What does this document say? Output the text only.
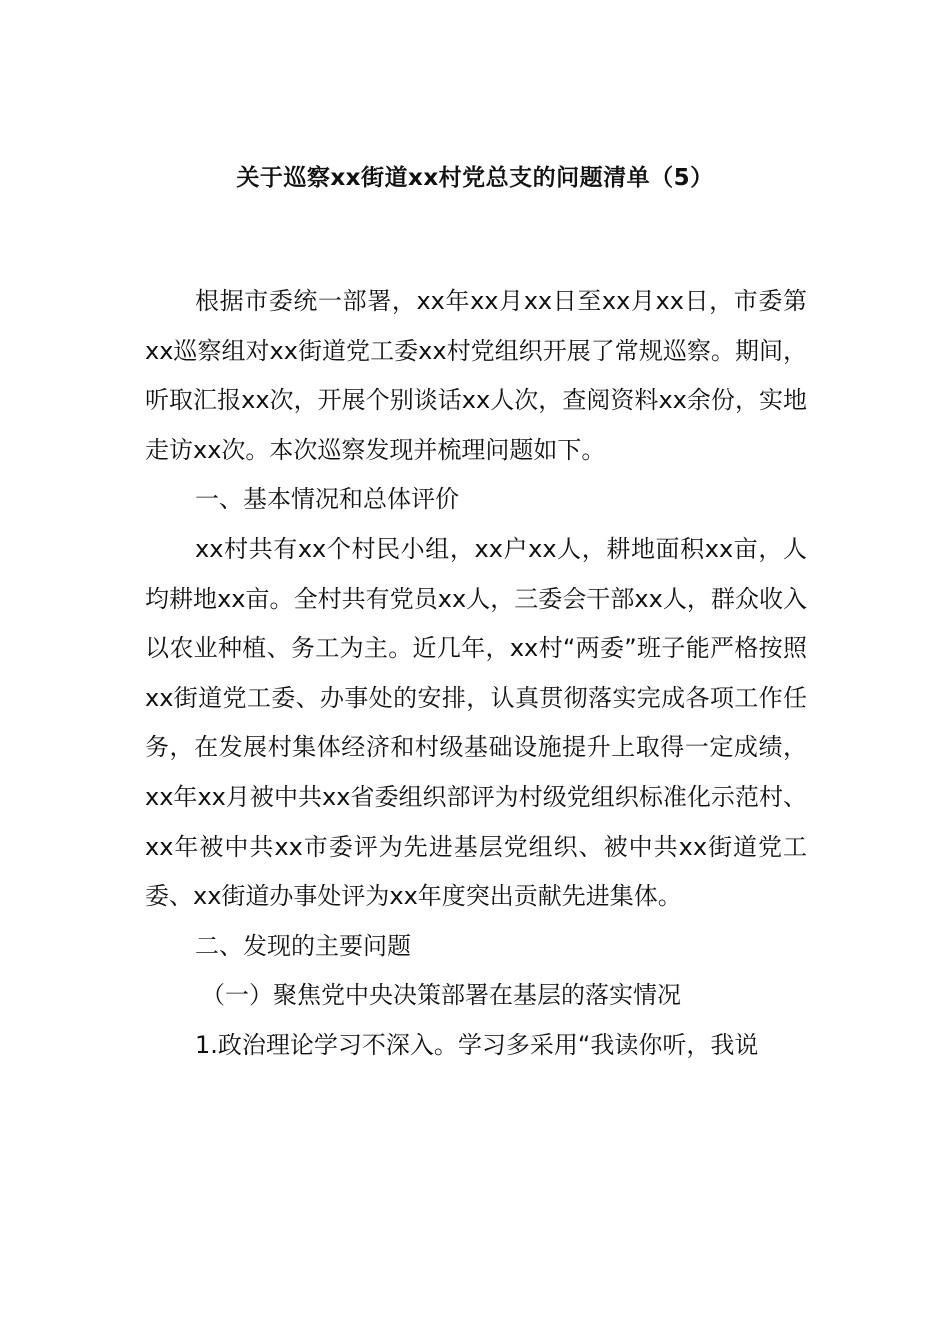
关于巡察xx街道xx村党总支的问题清单（5）

根据市委统一部署，xx年xx月xx日至xx月xx日，市委第xx巡察组对xx街道党工委xx村党组织开展了常规巡察。期间，听取汇报xx次，开展个别谈话xx人次，查阅资料xx余份，实地走访xx次。本次巡察发现并梳理问题如下。

一、基本情况和总体评价

xx村共有xx个村民小组，xx户xx人，耕地面积xx亩，人均耕地xx亩。全村共有党员xx人，三委会干部xx人，群众收入以农业种植、务工为主。近几年，xx村“两委”班子能严格按照xx街道党工委、办事处的安排，认真贯彻落实完成各项工作任务，在发展村集体经济和村级基础设施提升上取得一定成绩，xx年xx月被中共xx省委组织部评为村级党组织标准化示范村、xx年被中共xx市委评为先进基层党组织、被中共xx街道党工委、xx街道办事处评为xx年度突出贡献先进集体。

二、发现的主要问题

（一）聚焦党中央决策部署在基层的落实情况

1.政治理论学习不深入。学习多采用“我读你听，我说
